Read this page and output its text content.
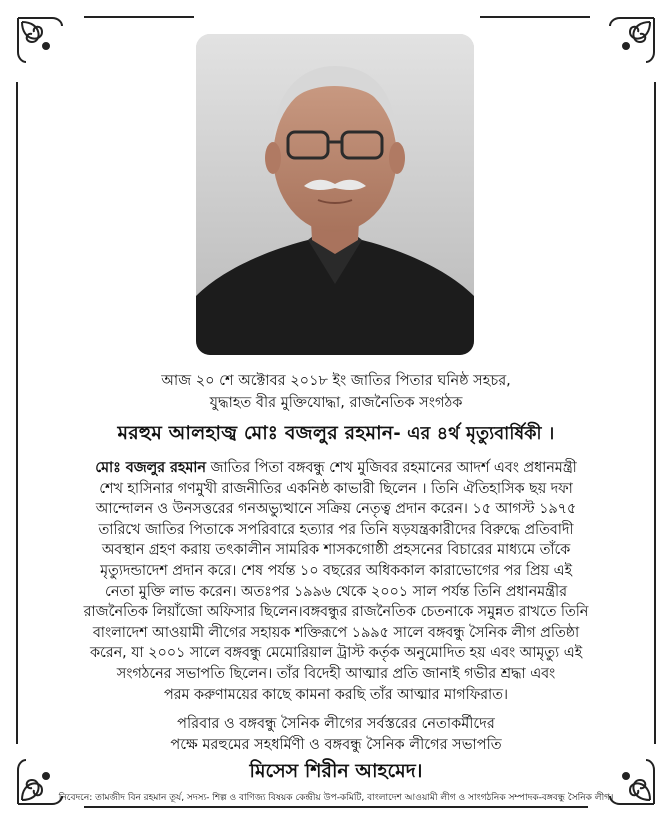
আজ ২০ শে অক্টোবর ২০১৮ ইং জাতির পিতার ঘনিষ্ঠ সহচর,
যুদ্ধাহত বীর মুক্তিযোদ্ধা, রাজনৈতিক সংগঠক
মরহুম আলহাজ্ব মোঃ বজলুর রহমান- এর ৪র্থ মৃত্যুবার্ষিকী ।

মোঃ বজলুর রহমান জাতির পিতা বঙ্গবন্ধু শেখ মুজিবর রহমানের আদর্শ এবং প্রধানমন্ত্রী

শেখ হাসিনার গণমুখী রাজনীতির একনিষ্ঠ কাভারী ছিলেন । তিনি ঐতিহাসিক ছয় দফা

আন্দোলন ও উনসত্তরের গনঅভ্যুত্থানে সক্রিয় নেতৃত্ব প্রদান করেন। ১৫ আগস্ট ১৯৭৫

তারিখে জাতির পিতাকে সপরিবারে হত্যার পর তিনি ষড়যন্ত্রকারীদের বিরুদ্ধে প্রতিবাদী

অবস্থান গ্রহণ করায় তৎকালীন সামরিক শাসকগোষ্ঠী প্রহসনের বিচারের মাধ্যমে তাঁকে

মৃত্যুদন্ডাদেশ প্রদান করে। শেষ পর্যন্ত ১০ বছরের অধিককাল কারাভোগের পর প্রিয় এই

নেতা মুক্তি লাভ করেন। অতঃপর ১৯৯৬ থেকে ২০০১ সাল পর্যন্ত তিনি প্রধানমন্ত্রীর

রাজনৈতিক লিয়াঁজো অফিসার ছিলেন।বঙ্গবন্ধুর রাজনৈতিক চেতনাকে সমুন্নত রাখতে তিনি

বাংলাদেশ আওয়ামী লীগের সহায়ক শক্তিরূপে ১৯৯৫ সালে বঙ্গবন্ধু সৈনিক লীগ প্রতিষ্ঠা

করেন, যা ২০০১ সালে বঙ্গবন্ধু মেমোরিয়াল ট্রাস্ট কর্তৃক অনুমোদিত হয় এবং আমৃত্যু এই

সংগঠনের সভাপতি ছিলেন। তাঁর বিদেহী আত্মার প্রতি জানাই গভীর শ্রদ্ধা এবং

পরম করুণাময়ের কাছে কামনা করছি তাঁর আত্মার মাগফিরাত।

পরিবার ও বঙ্গবন্ধু সৈনিক লীগের সর্বস্তরের নেতাকর্মীদের
পক্ষে মরহুমের সহধর্মিণী ও বঙ্গবন্ধু সৈনিক লীগের সভাপতি
মিসেস শিরীন আহমেদ।
নিবেদনে: তামজীদ বিন রহমান তূর্য, সদস্য- শিল্প ও বাণিজ্য বিষয়ক কেন্দ্রীয় উপ-কমিটি, বাংলাদেশ আওয়ামী লীগ ও সাংগঠনিক সম্পাদক-বঙ্গবন্ধু সৈনিক লীগ।
